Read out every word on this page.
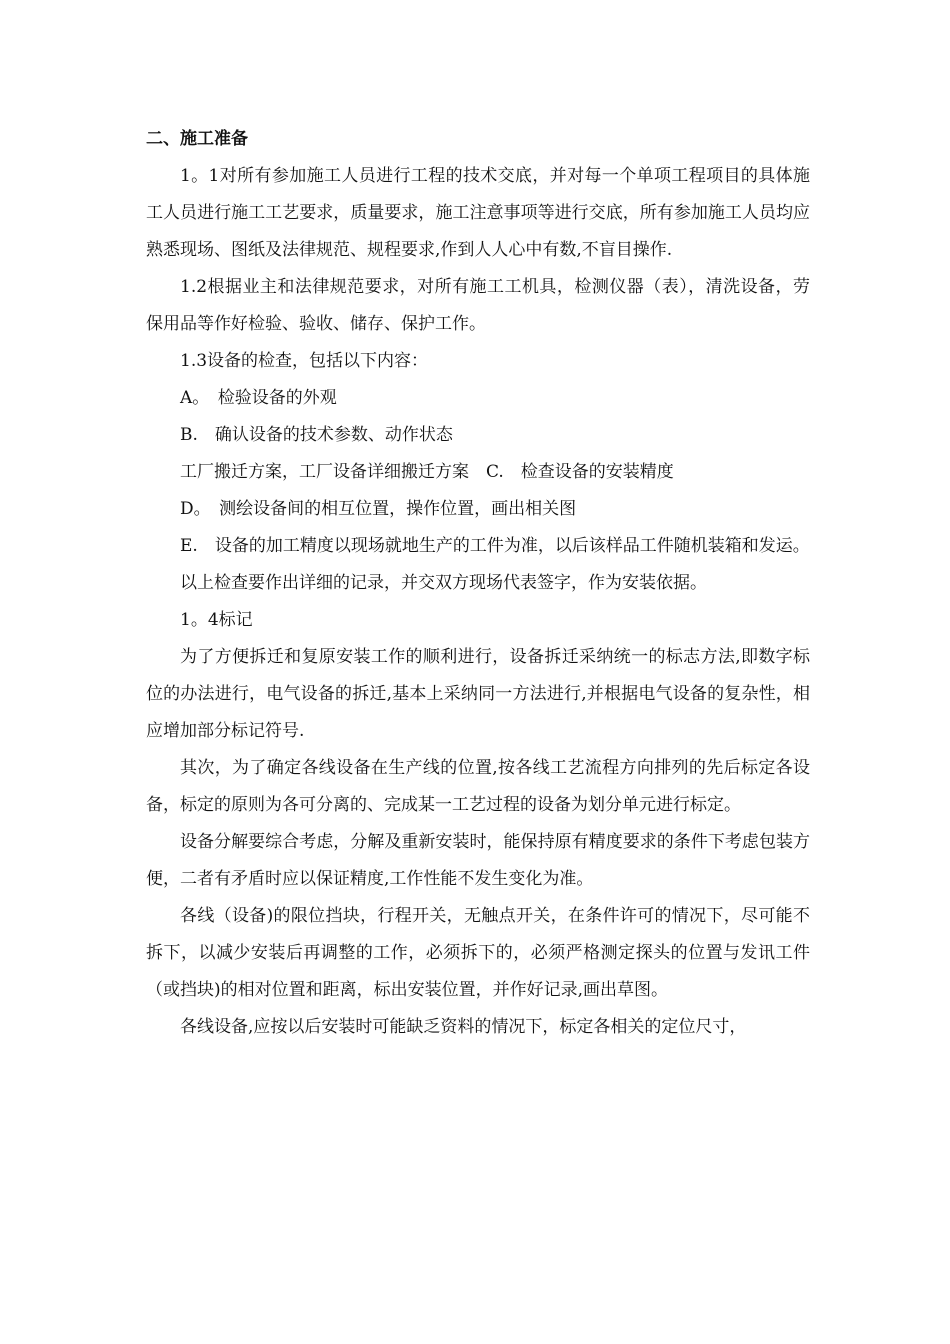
二、施工准备

1。1对所有参加施工人员进行工程的技术交底，并对每一个单项工程项目的具体施工人员进行施工工艺要求，质量要求，施工注意事项等进行交底，所有参加施工人员均应熟悉现场、图纸及法律规范、规程要求,作到人人心中有数,不盲目操作.

1.2根据业主和法律规范要求，对所有施工工机具，检测仪器（表），清洗设备，劳保用品等作好检验、验收、储存、保护工作。

1.3设备的检查，包括以下内容：

A。　检验设备的外观

B.　确认设备的技术参数、动作状态

工厂搬迁方案，工厂设备详细搬迁方案　C.　检查设备的安装精度

D。　测绘设备间的相互位置，操作位置，画出相关图

E.　设备的加工精度以现场就地生产的工件为准，以后该样品工件随机装箱和发运。

以上检查要作出详细的记录，并交双方现场代表签字，作为安装依据。

1。4标记

为了方便拆迁和复原安装工作的顺利进行，设备拆迁采纳统一的标志方法,即数字标位的办法进行，电气设备的拆迁,基本上采纳同一方法进行,并根据电气设备的复杂性，相应增加部分标记符号.

其次，为了确定各线设备在生产线的位置,按各线工艺流程方向排列的先后标定各设备，标定的原则为各可分离的、完成某一工艺过程的设备为划分单元进行标定。

设备分解要综合考虑，分解及重新安装时，能保持原有精度要求的条件下考虑包装方便，二者有矛盾时应以保证精度,工作性能不发生变化为准。

各线（设备)的限位挡块，行程开关，无触点开关，在条件许可的情况下，尽可能不拆下，以减少安装后再调整的工作，必须拆下的，必须严格测定探头的位置与发讯工件（或挡块)的相对位置和距离，标出安装位置，并作好记录,画出草图。

各线设备,应按以后安装时可能缺乏资料的情况下，标定各相关的定位尺寸，
